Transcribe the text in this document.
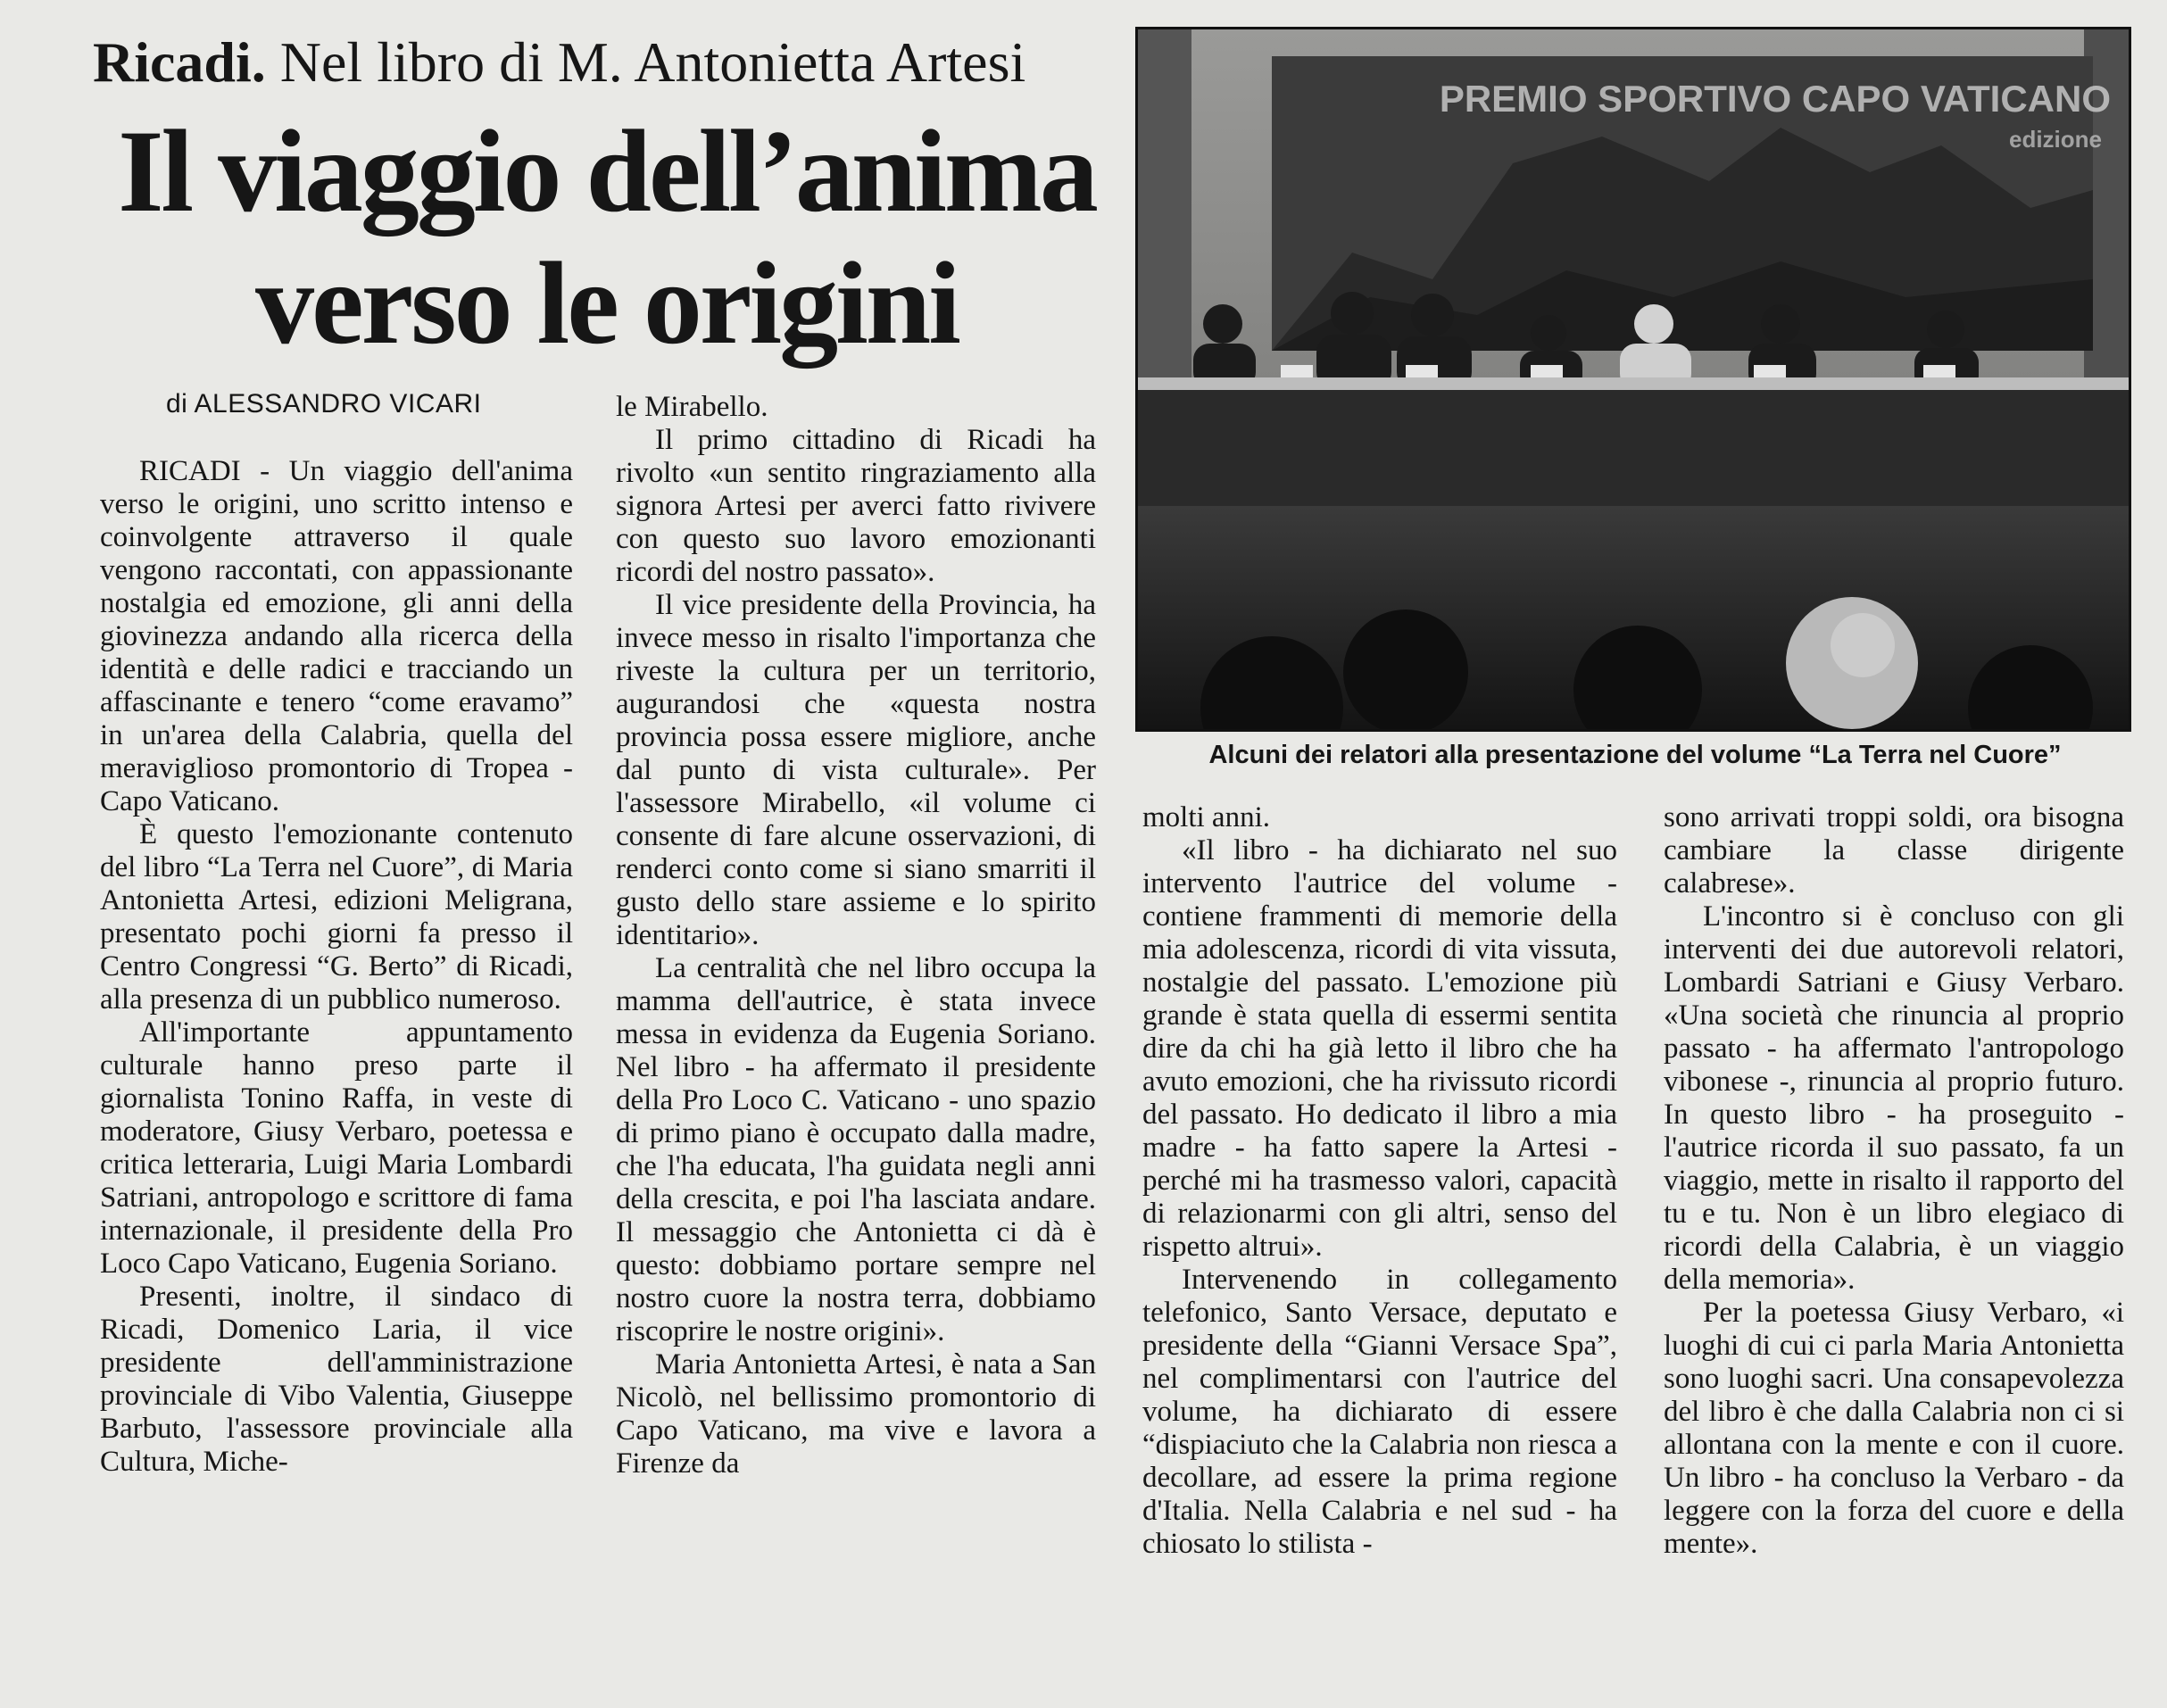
Ricadi. Nel libro di M. Antonietta Artesi
Il viaggio dell’anima
verso le origini
di ALESSANDRO VICARI
PREMIO SPORTIVO CAPO VATICANO
edizione
Alcuni dei relatori alla presentazione del volume “La Terra nel Cuore”

RICADI - Un viaggio dell'anima verso le origini, uno scritto intenso e coinvolgente attraverso il quale vengono raccontati, con appassionante nostalgia ed emozione, gli anni della giovinezza andando alla ricerca della identità e delle radici e tracciando un affascinante e tenero “come eravamo” in un'area della Calabria, quella del meraviglioso promontorio di Tropea - Capo Vaticano.

È questo l'emozionante contenuto del libro “La Terra nel Cuore”, di Maria Antonietta Artesi, edizioni Meligrana, presentato pochi giorni fa presso il Centro Congressi “G. Berto” di Ricadi, alla presenza di un pubblico numeroso.

All'importante appuntamento culturale hanno preso parte il giornalista Tonino Raffa, in veste di moderatore, Giusy Verbaro, poetessa e critica letteraria, Luigi Maria Lombardi Satriani, antropologo e scrittore di fama internazionale, il presidente della Pro Loco Capo Vaticano, Eugenia Soriano.

Presenti, inoltre, il sindaco di Ricadi, Domenico Laria, il vice presidente dell'amministrazione provinciale di Vibo Valentia, Giuseppe Barbuto, l'assessore provinciale alla Cultura, Miche-

le Mirabello.

Il primo cittadino di Ricadi ha rivolto «un sentito ringraziamento alla signora Artesi per averci fatto rivivere con questo suo lavoro emozionanti ricordi del nostro passato».

Il vice presidente della Provincia, ha invece messo in risalto l'importanza che riveste la cultura per un territorio, augurandosi che «questa nostra provincia possa essere migliore, anche dal punto di vista culturale». Per l'assessore Mirabello, «il volume ci consente di fare alcune osservazioni, di renderci conto come si siano smarriti il gusto dello stare assieme e lo spirito identitario».

La centralità che nel libro occupa la mamma dell'autrice, è stata invece messa in evidenza da Eugenia Soriano. Nel libro - ha affermato il presidente della Pro Loco C. Vaticano - uno spazio di primo piano è occupato dalla madre, che l'ha educata, l'ha guidata negli anni della crescita, e poi l'ha lasciata andare. Il messaggio che Antonietta ci dà è questo: dobbiamo portare sempre nel nostro cuore la nostra terra, dobbiamo riscoprire le nostre origini».

Maria Antonietta Artesi, è nata a San Nicolò, nel bellissimo promontorio di Capo Vaticano, ma vive e lavora a Firenze da

molti anni.

«Il libro - ha dichiarato nel suo intervento l'autrice del volume - contiene frammenti di memorie della mia adolescenza, ricordi di vita vissuta, nostalgie del passato. L'emozione più grande è stata quella di essermi sentita dire da chi ha già letto il libro che ha avuto emozioni, che ha rivissuto ricordi del passato. Ho dedicato il libro a mia madre - ha fatto sapere la Artesi - perché mi ha trasmesso valori, capacità di relazionarmi con gli altri, senso del rispetto altrui».

Intervenendo in collegamento telefonico, Santo Versace, deputato e presidente della “Gianni Versace Spa”, nel complimentarsi con l'autrice del volume, ha dichiarato di essere “dispiaciuto che la Calabria non riesca a decollare, ad essere la prima regione d'Italia. Nella Calabria e nel sud - ha chiosato lo stilista -

sono arrivati troppi soldi, ora bisogna cambiare la classe dirigente calabrese».

L'incontro si è concluso con gli interventi dei due autorevoli relatori, Lombardi Satriani e Giusy Verbaro. «Una società che rinuncia al proprio passato - ha affermato l'antropologo vibonese -, rinuncia al proprio futuro. In questo libro - ha proseguito - l'autrice ricorda il suo passato, fa un viaggio, mette in risalto il rapporto del tu e tu. Non è un libro elegiaco di ricordi della Calabria, è un viaggio della memoria».

Per la poetessa Giusy Verbaro, «i luoghi di cui ci parla Maria Antonietta sono luoghi sacri. Una consapevolezza del libro è che dalla Calabria non ci si allontana con la mente e con il cuore. Un libro - ha concluso la Verbaro - da leggere con la forza del cuore e della mente».
